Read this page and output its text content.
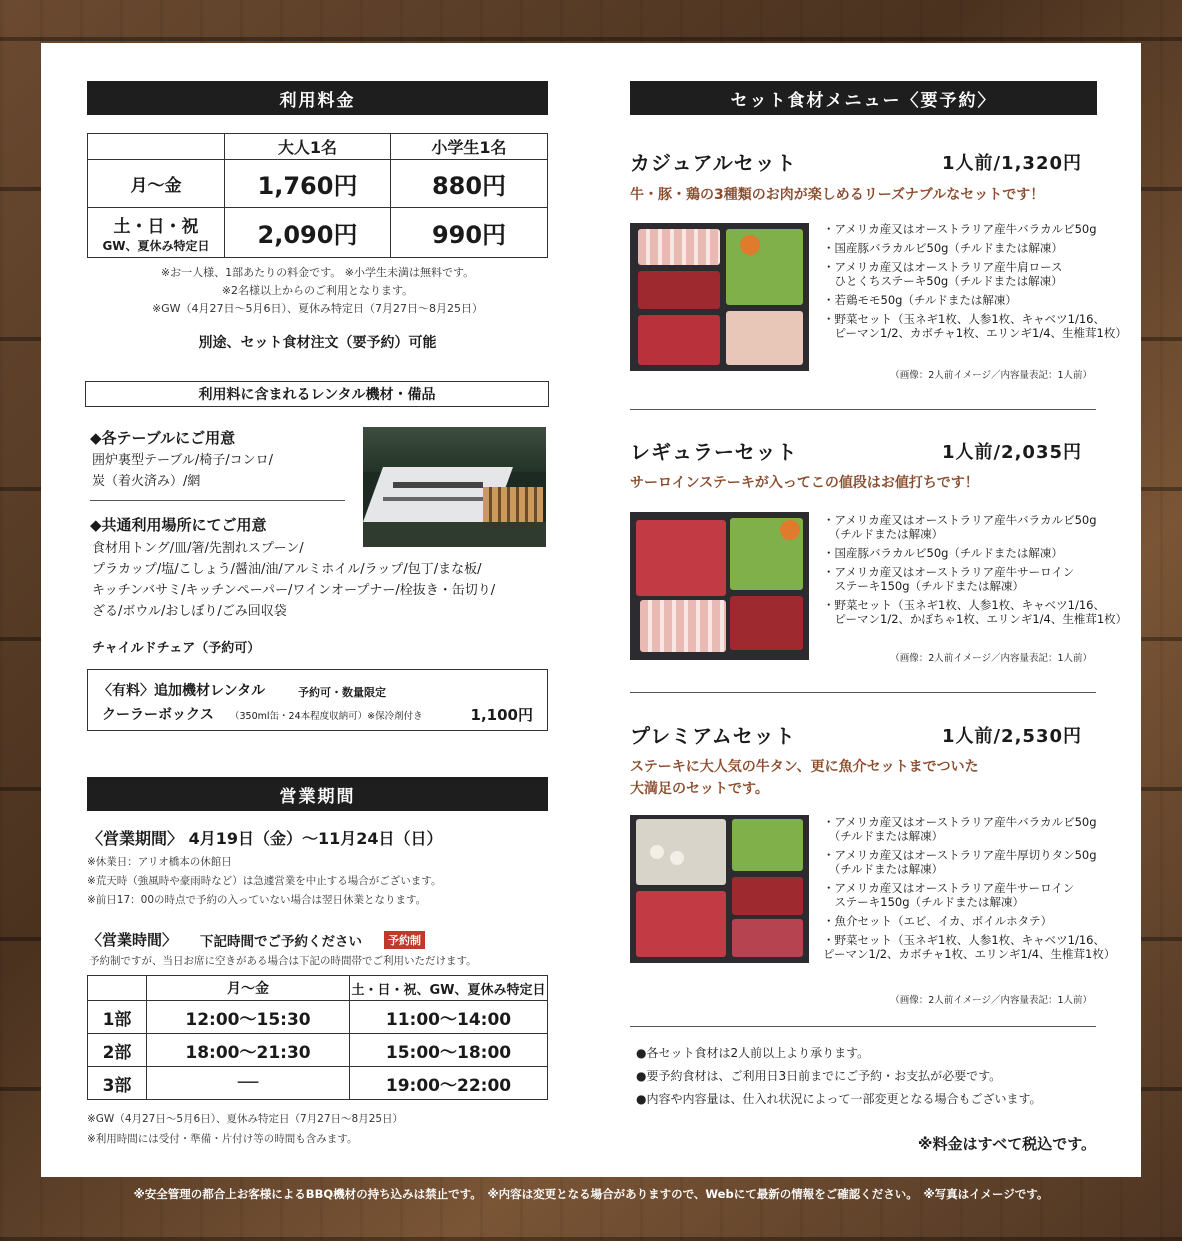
利用料金
	大人1名	小学生1名
月〜金	1,760円	880円

土・日・祝
GW、夏休み特定日	2,090円	990円
※お一人様、1部あたりの料金です。 ※小学生未満は無料です。
※2名様以上からのご利用となります。
※GW（4月27日〜5月6日）、夏休み特定日（7月27日〜8月25日）
別途、セット食材注文（要予約）可能
利用料に含まれるレンタル機材・備品
◆各テーブルにご用意
囲炉裏型テーブル/椅子/コンロ/
炭（着火済み）/網
◆共通利用場所にてご用意
食材用トング/皿/箸/先割れスプーン/
プラカップ/塩/こしょう/醤油/油/アルミホイル/ラップ/包丁/まな板/
キッチンバサミ/キッチンペーパー/ワインオープナー/栓抜き・缶切り/
ざる/ボウル/おしぼり/ごみ回収袋
チャイルドチェア（予約可）
〈有料〉追加機材レンタル	予約可・数量限定
クーラーボックス （350ml缶・24本程度収納可）※保冷剤付き	1,100円
営業期間
〈営業期間〉 4月19日（金）〜11月24日（日）
※休業日：アリオ橋本の休館日
※荒天時（強風時や豪雨時など）は急遽営業を中止する場合がございます。
※前日17：00の時点で予約の入っていない場合は翌日休業となります。
〈営業時間〉 下記時間でご予約ください	予約制
予約制ですが、当日お席に空きがある場合は下記の時間帯でご利用いただけます。
	月〜金	土・日・祝、GW、夏休み特定日
1部	12:00〜15:30	11:00〜14:00
2部	18:00〜21:30	15:00〜18:00
3部	──	19:00〜22:00
※GW（4月27日〜5月6日）、夏休み特定日（7月27日〜8月25日）
※利用時間には受付・準備・片付け等の時間も含みます。
セット食材メニュー〈要予約〉
カジュアルセット	1人前/1,320円
牛・豚・鶏の3種類のお肉が楽しめるリーズナブルなセットです！
・アメリカ産又はオーストラリア産牛バラカルビ50g
・国産豚バラカルビ50g（チルドまたは解凍）
・アメリカ産又はオーストラリア産牛肩ロース
　ひとくちステーキ50g（チルドまたは解凍）
・若鶏モモ50g（チルドまたは解凍）
・野菜セット（玉ネギ1枚、人参1枚、キャベツ1/16、
　ピーマン1/2、カボチャ1枚、エリンギ1/4、生椎茸1枚）
（画像：2人前イメージ／内容量表記：1人前）
レギュラーセット	1人前/2,035円
サーロインステーキが入ってこの値段はお値打ちです！
・アメリカ産又はオーストラリア産牛バラカルビ50g
　（チルドまたは解凍）
・国産豚バラカルビ50g（チルドまたは解凍）
・アメリカ産又はオーストラリア産牛サーロイン
　ステーキ150g（チルドまたは解凍）
・野菜セット（玉ネギ1枚、人参1枚、キャベツ1/16、
　ピーマン1/2、かぼちゃ1枚、エリンギ1/4、生椎茸1枚）
（画像：2人前イメージ／内容量表記：1人前）
プレミアムセット	1人前/2,530円
ステーキに大人気の牛タン、更に魚介セットまでついた
大満足のセットです。
・アメリカ産又はオーストラリア産牛バラカルビ50g
　（チルドまたは解凍）
・アメリカ産又はオーストラリア産牛厚切りタン50g
　（チルドまたは解凍）
・アメリカ産又はオーストラリア産牛サーロイン
　ステーキ150g（チルドまたは解凍）
・魚介セット（エビ、イカ、ボイルホタテ）
・野菜セット（玉ネギ1枚、人参1枚、キャベツ1/16、
ピーマン1/2、カボチャ1枚、エリンギ1/4、生椎茸1枚）
（画像：2人前イメージ／内容量表記：1人前）
●各セット食材は2人前以上より承ります。
●要予約食材は、ご利用日3日前までにご予約・お支払が必要です。
●内容や内容量は、仕入れ状況によって一部変更となる場合もございます。
※料金はすべて税込です。
※安全管理の都合上お客様によるBBQ機材の持ち込みは禁止です。　※内容は変更となる場合がありますので、Webにて最新の情報をご確認ください。　※写真はイメージです。
